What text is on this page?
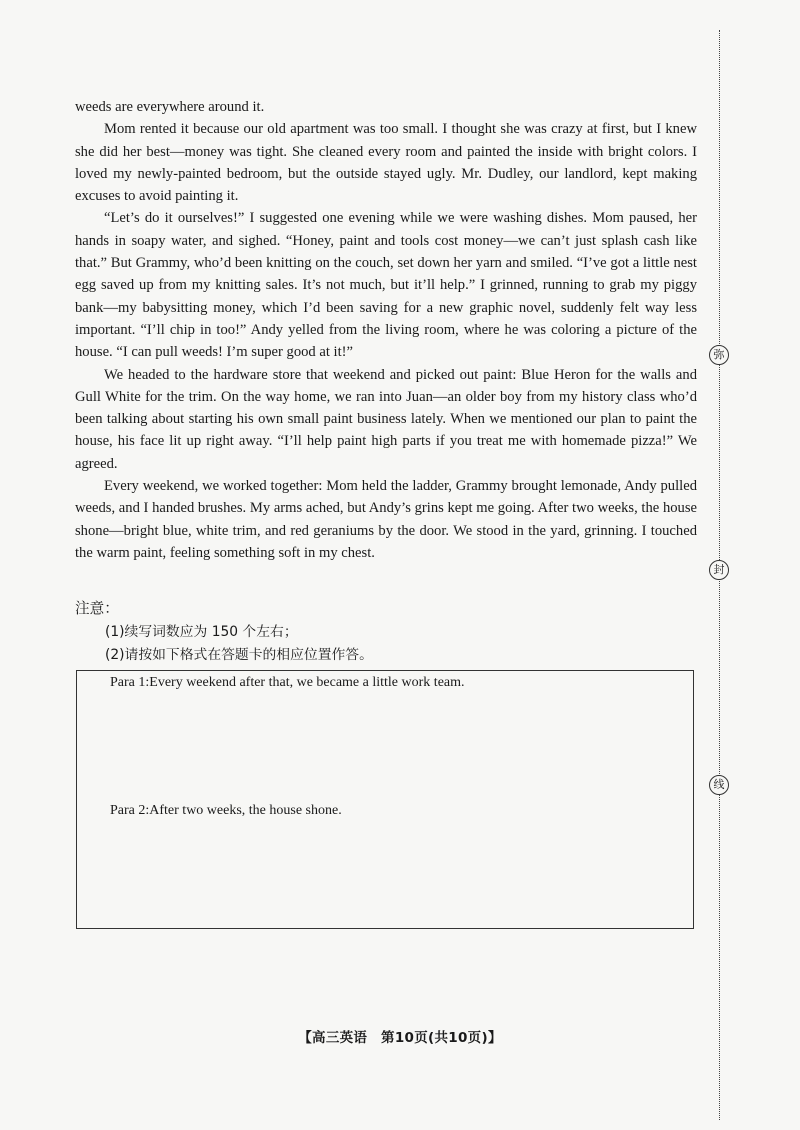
weeds are everywhere around it.

Mom rented it because our old apartment was too small. I thought she was crazy at first, but I knew she did her best—money was tight. She cleaned every room and painted the inside with bright colors. I loved my newly-painted bedroom, but the outside stayed ugly. Mr. Dudley, our landlord, kept making excuses to avoid painting it.

“Let’s do it ourselves!” I suggested one evening while we were washing dishes. Mom paused, her hands in soapy water, and sighed. “Honey, paint and tools cost money—we can’t just splash cash like that.” But Grammy, who’d been knitting on the couch, set down her yarn and smiled. “I’ve got a little nest egg saved up from my knitting sales. It’s not much, but it’ll help.” I grinned, running to grab my piggy bank—my babysitting money, which I’d been saving for a new graphic novel, suddenly felt way less important. “I’ll chip in too!” Andy yelled from the living room, where he was coloring a picture of the house. “I can pull weeds! I’m super good at it!”

We headed to the hardware store that weekend and picked out paint: Blue Heron for the walls and Gull White for the trim. On the way home, we ran into Juan—an older boy from my history class who’d been talking about starting his own small paint business lately. When we mentioned our plan to paint the house, his face lit up right away. “I’ll help paint high parts if you treat me with homemade pizza!” We agreed.

Every weekend, we worked together: Mom held the ladder, Grammy brought lemonade, Andy pulled weeds, and I handed brushes. My arms ached, but Andy’s grins kept me going. After two weeks, the house shone—bright blue, white trim, and red geraniums by the door. We stood in the yard, grinning. I touched the warm paint, feeling something soft in my chest.

注意：
(1)续写词数应为 150 个左右；
(2)请按如下格式在答题卡的相应位置作答。
Para 1:Every weekend after that, we became a little work team.
Para 2:After two weeks, the house shone.
【高三英语　第10页(共10页)】
弥
封
线
